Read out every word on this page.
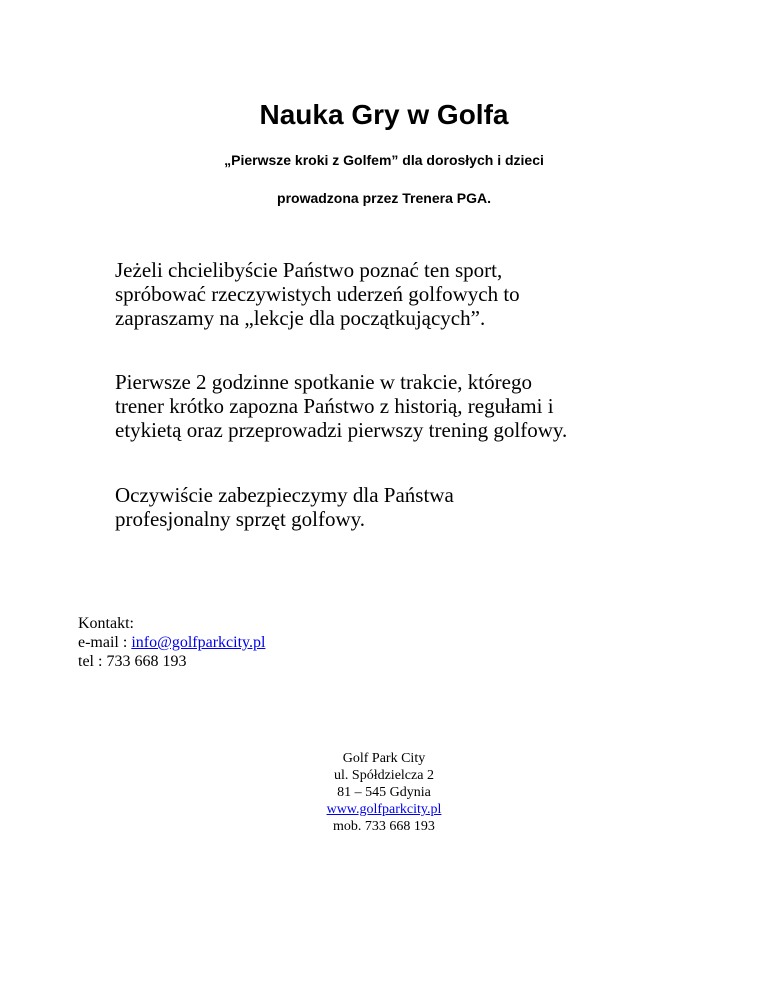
Nauka Gry w Golfa

„Pierwsze kroki z Golfem” dla dorosłych i dzieci

prowadzona przez Trenera PGA.

Jeżeli chcielibyście Państwo poznać ten sport,
spróbować rzeczywistych uderzeń golfowych to
zapraszamy na „lekcje dla początkujących”.
Pierwsze 2 godzinne spotkanie w trakcie, którego
trener krótko zapozna Państwo z historią, regułami i
etykietą oraz przeprowadzi pierwszy trening golfowy.
Oczywiście zabezpieczymy dla Państwa
profesjonalny sprzęt golfowy.
Kontakt:
e-mail : info@golfparkcity.pl
tel : 733 668 193
Golf Park City
ul. Spółdzielcza 2
81 – 545 Gdynia
www.golfparkcity.pl
mob. 733 668 193
